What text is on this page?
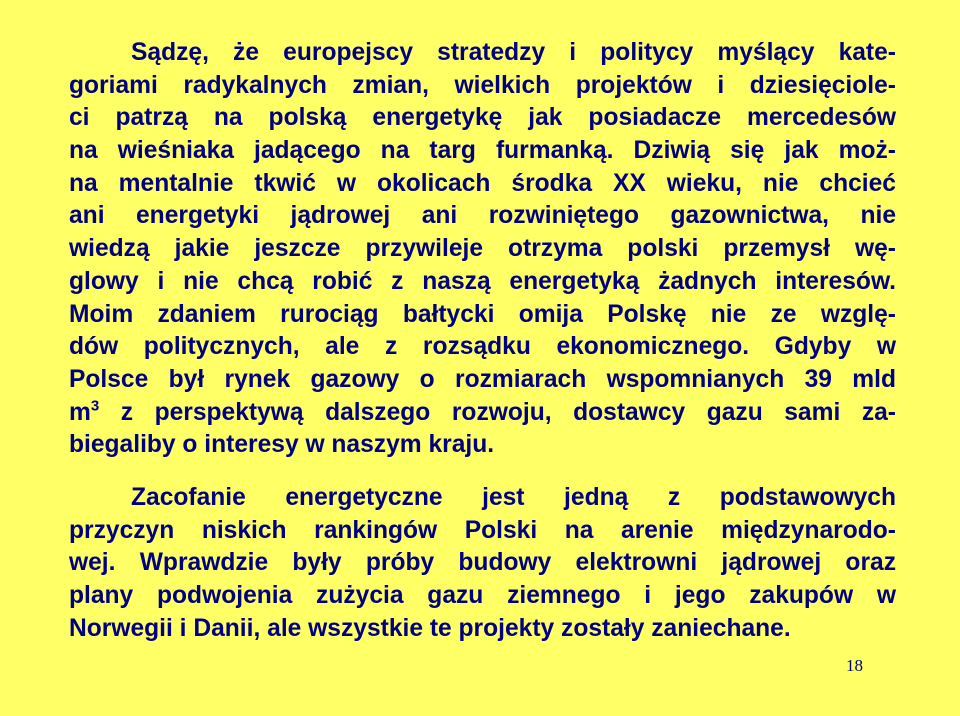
Sądzę, że europejscy stratedzy i politycy myślący kate-
goriami radykalnych zmian, wielkich projektów i dziesięciole-
ci patrzą na polską energetykę jak posiadacze mercedesów
na wieśniaka jadącego na targ furmanką. Dziwią się jak moż-
na mentalnie tkwić w okolicach środka XX wieku, nie chcieć
ani energetyki jądrowej ani rozwiniętego gazownictwa, nie
wiedzą jakie jeszcze przywileje otrzyma polski przemysł wę-
glowy i nie chcą robić z naszą energetyką żadnych interesów.
Moim zdaniem rurociąg bałtycki omija Polskę nie ze wzglę-
dów politycznych, ale z rozsądku ekonomicznego. Gdyby w
Polsce był rynek gazowy o rozmiarach wspomnianych 39 mld
$m^3$ z perspektywą dalszego rozwoju, dostawcy gazu sami za-
biegaliby o interesy w naszym kraju.
Zacofanie energetyczne jest jedną z podstawowych
przyczyn niskich rankingów Polski na arenie międzynarodo-
wej. Wprawdzie były próby budowy elektrowni jądrowej oraz
plany podwojenia zużycia gazu ziemnego i jego zakupów w
Norwegii i Danii, ale wszystkie te projekty zostały zaniechane.
18
